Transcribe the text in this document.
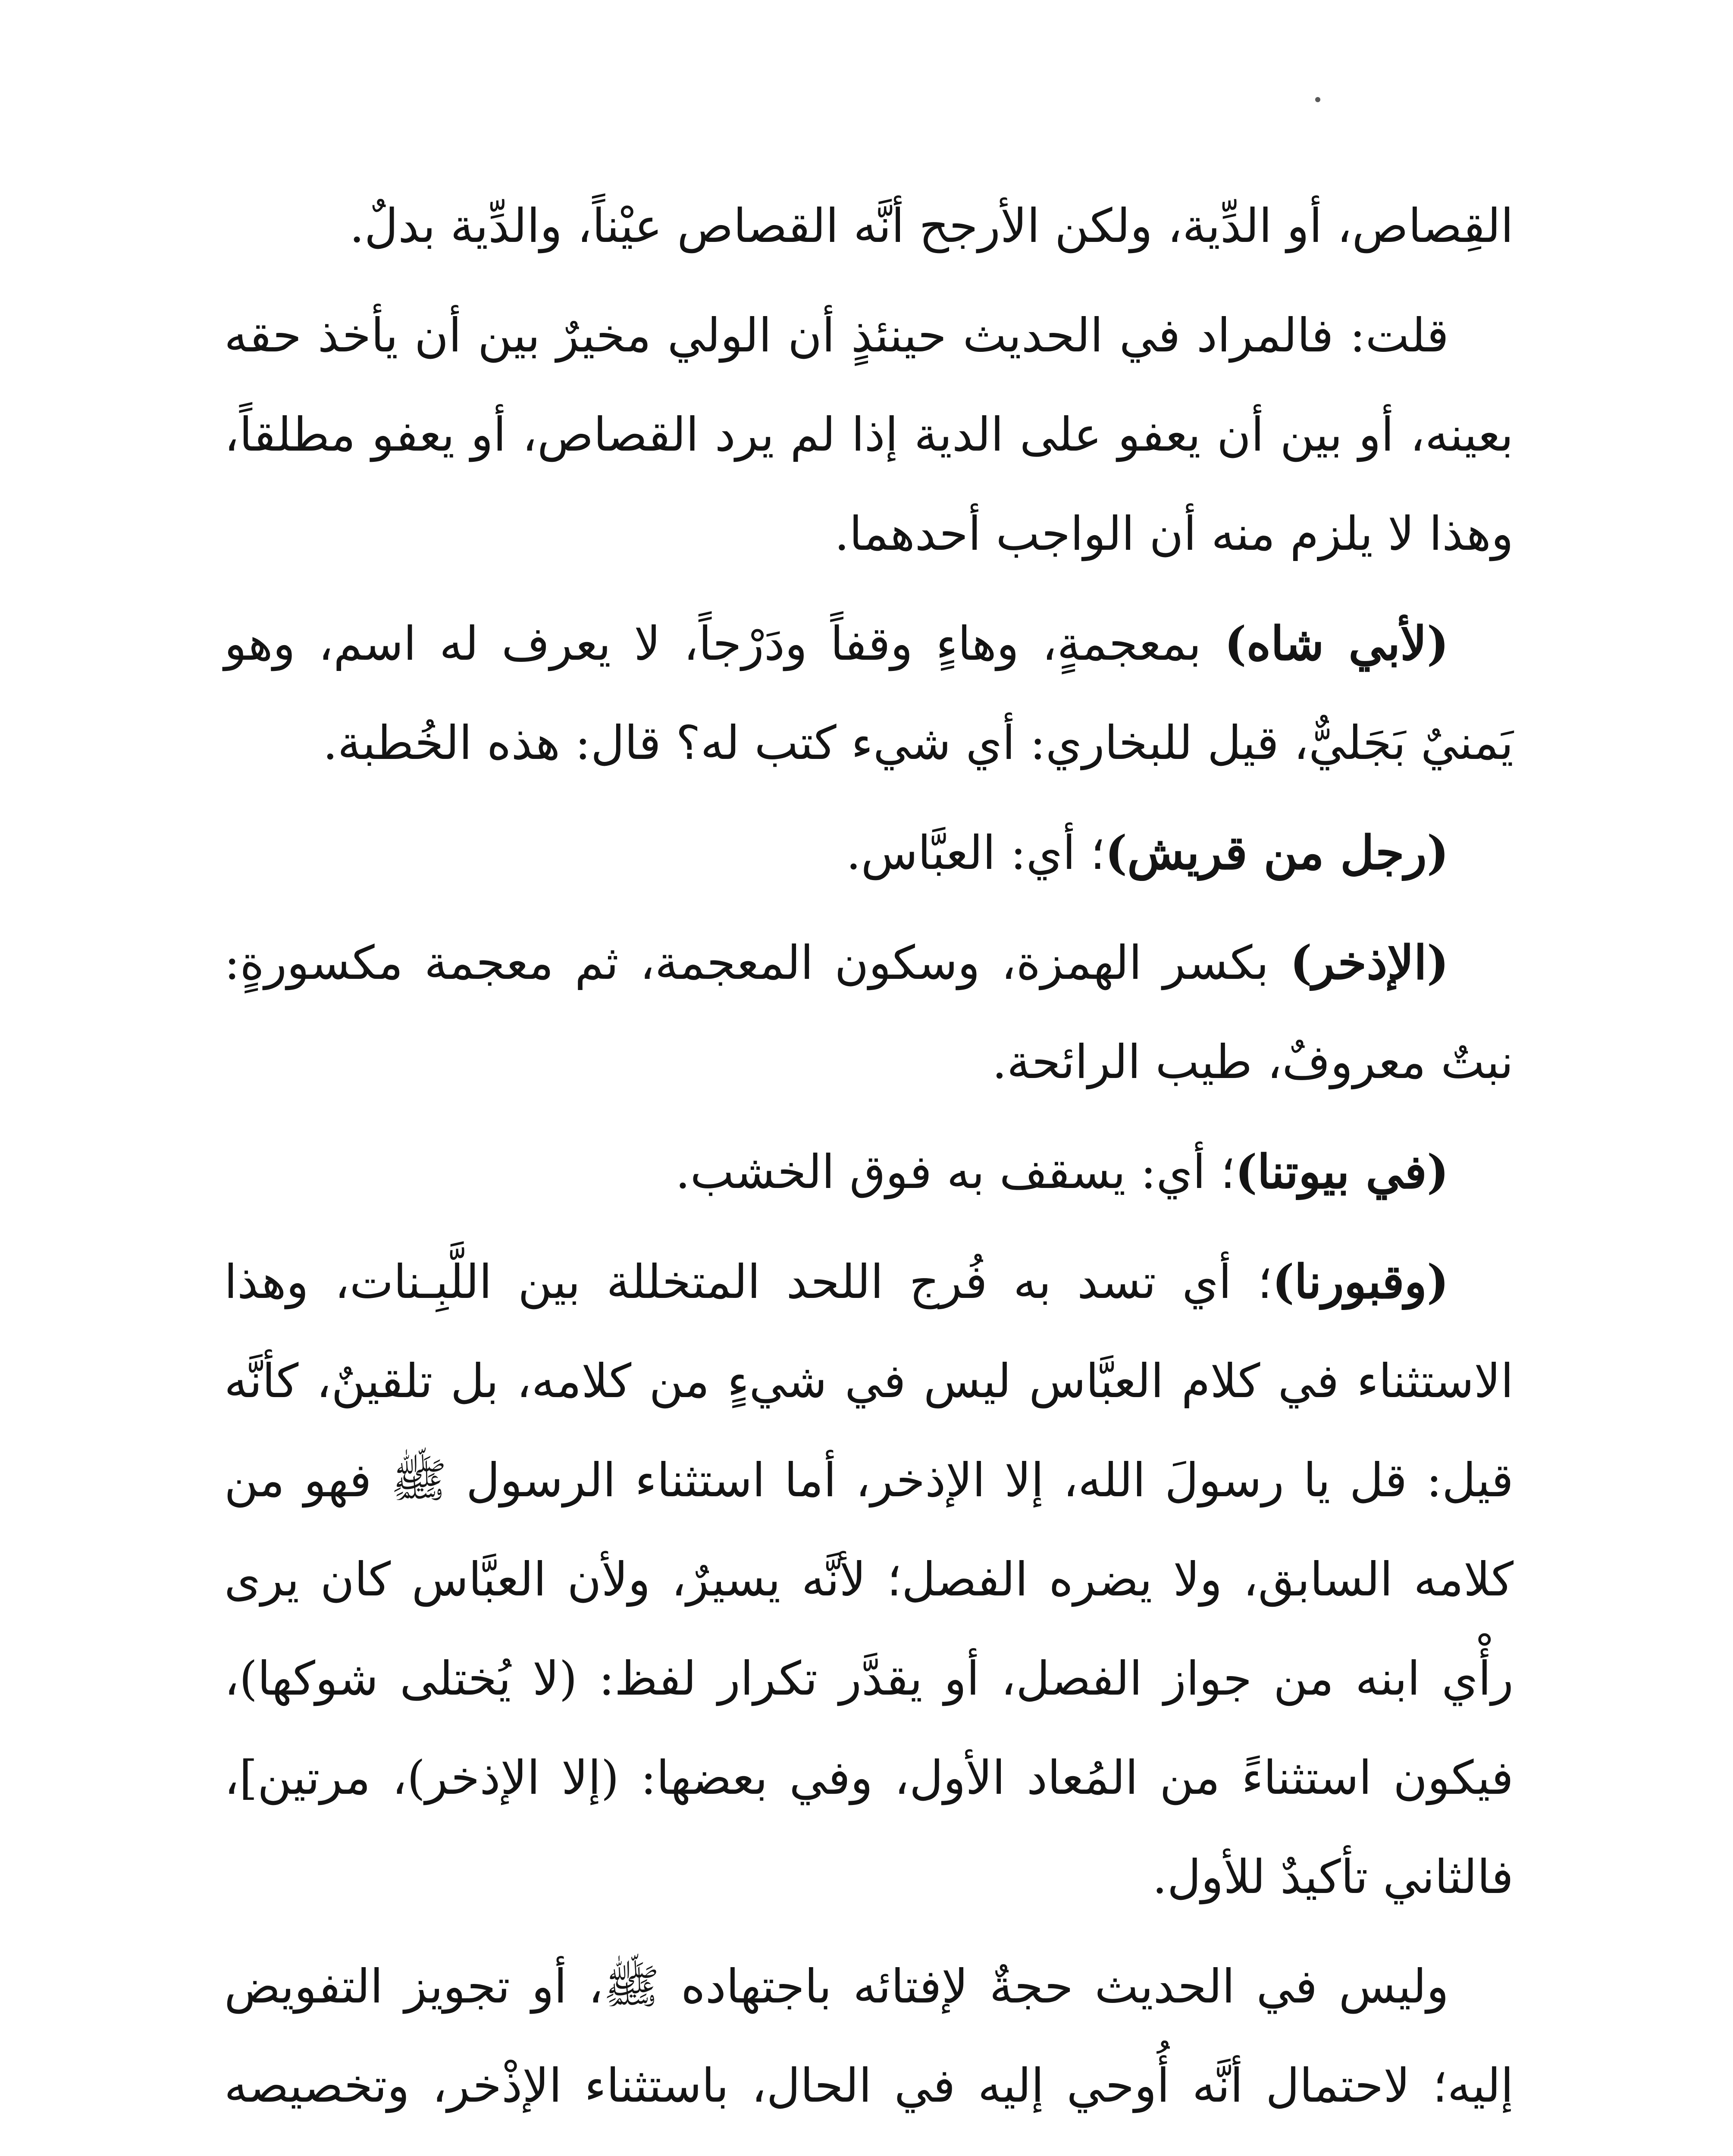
القِصاص، أو الدِّية، ولكن الأرجح أنَّه القصاص عيْناً، والدِّية بدلٌ.

قلت: فالمراد في الحديث حينئذٍ أن الولي مخيرٌ بين أن يأخذ حقه بعينه، أو بين أن يعفو على الدية إذا لم يرد القصاص، أو يعفو مطلقاً، وهذا لا يلزم منه أن الواجب أحدهما.

(لأبي شاه) بمعجمةٍ، وهاءٍ وقفاً ودَرْجاً، لا يعرف له اسم، وهو يَمنيٌ بَجَليٌّ، قيل للبخاري: أي شيء كتب له؟ قال: هذه الخُطبة.

(رجل من قريش)؛ أي: العبَّاس.

(الإذخر) بكسر الهمزة، وسكون المعجمة، ثم معجمة مكسورةٍ: نبتٌ معروفٌ، طيب الرائحة.

(في بيوتنا)؛ أي: يسقف به فوق الخشب.

(وقبورنا)؛ أي تسد به فُرج اللحد المتخللة بين اللَّبِـنات، وهذا الاستثناء في كلام العبَّاس ليس في شيءٍ من كلامه، بل تلقينٌ، كأنَّه قيل: قل يا رسولَ الله، إلا الإذخر، أما استثناء الرسول ﷺ فهو من كلامه السابق، ولا يضره الفصل؛ لأنَّه يسيرٌ، ولأن العبَّاس كان يرى رأْي ابنه من جواز الفصل، أو يقدَّر تكرار لفظ: (لا يُختلى شوكها)، فيكون استثناءً من المُعاد الأول، وفي بعضها: (إلا الإذخر)، مرتين]، فالثاني تأكيدٌ للأول.

وليس في الحديث حجةٌ لإفتائه باجتهاده ﷺ، أو تجويز التفويض إليه؛ لاحتمال أنَّه أُوحي إليه في الحال، باستثناء الإذْخر، وتخصيصه
